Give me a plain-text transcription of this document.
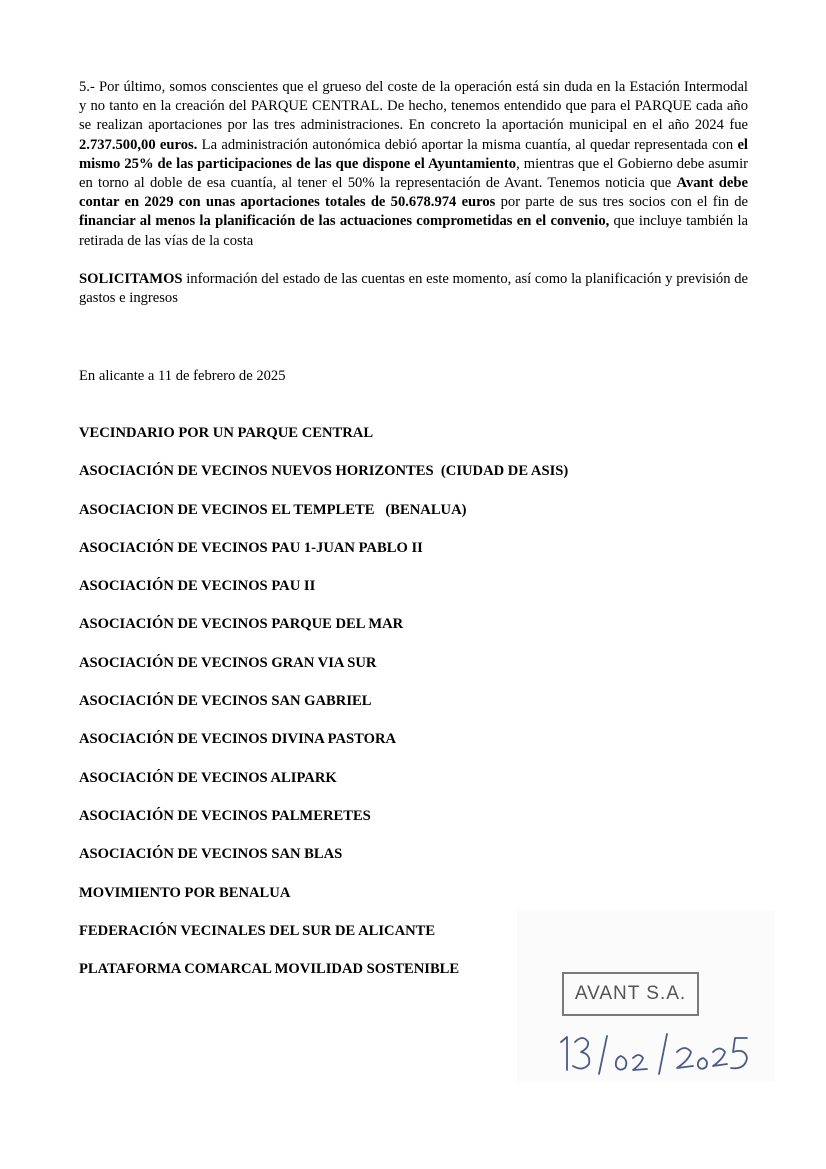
5.- Por último, somos conscientes que el grueso del coste de la operación está sin duda en la Estación Intermodal y no tanto en la creación del PARQUE CENTRAL. De hecho, tenemos entendido que para el PARQUE cada año se realizan aportaciones por las tres administraciones. En concreto la aportación municipal en el año 2024 fue 2.737.500,00 euros. La administración autonómica debió aportar la misma cuantía, al quedar representada con el mismo 25% de las participaciones de las que dispone el Ayuntamiento, mientras que el Gobierno debe asumir en torno al doble de esa cuantía, al tener el 50% la representación de Avant. Tenemos noticia que Avant debe contar en 2029 con unas aportaciones totales de 50.678.974 euros por parte de sus tres socios con el fin de financiar al menos la planificación de las actuaciones comprometidas en el convenio, que incluye también la retirada de las vías de la costa

SOLICITAMOS información del estado de las cuentas en este momento, así como la planificación y previsión de gastos e ingresos

En alicante a 11 de febrero de 2025

VECINDARIO POR UN PARQUE CENTRAL

ASOCIACIÓN DE VECINOS NUEVOS HORIZONTES  (CIUDAD DE ASIS)

ASOCIACION DE VECINOS EL TEMPLETE   (BENALUA)

ASOCIACIÓN DE VECINOS PAU 1-JUAN PABLO II

ASOCIACIÓN DE VECINOS PAU II

ASOCIACIÓN DE VECINOS PARQUE DEL MAR

ASOCIACIÓN DE VECINOS GRAN VIA SUR

ASOCIACIÓN DE VECINOS SAN GABRIEL

ASOCIACIÓN DE VECINOS DIVINA PASTORA

ASOCIACIÓN DE VECINOS ALIPARK

ASOCIACIÓN DE VECINOS PALMERETES

ASOCIACIÓN DE VECINOS SAN BLAS

MOVIMIENTO POR BENALUA

FEDERACIÓN VECINALES DEL SUR DE ALICANTE

PLATAFORMA COMARCAL MOVILIDAD SOSTENIBLE

AVANT S.A.
